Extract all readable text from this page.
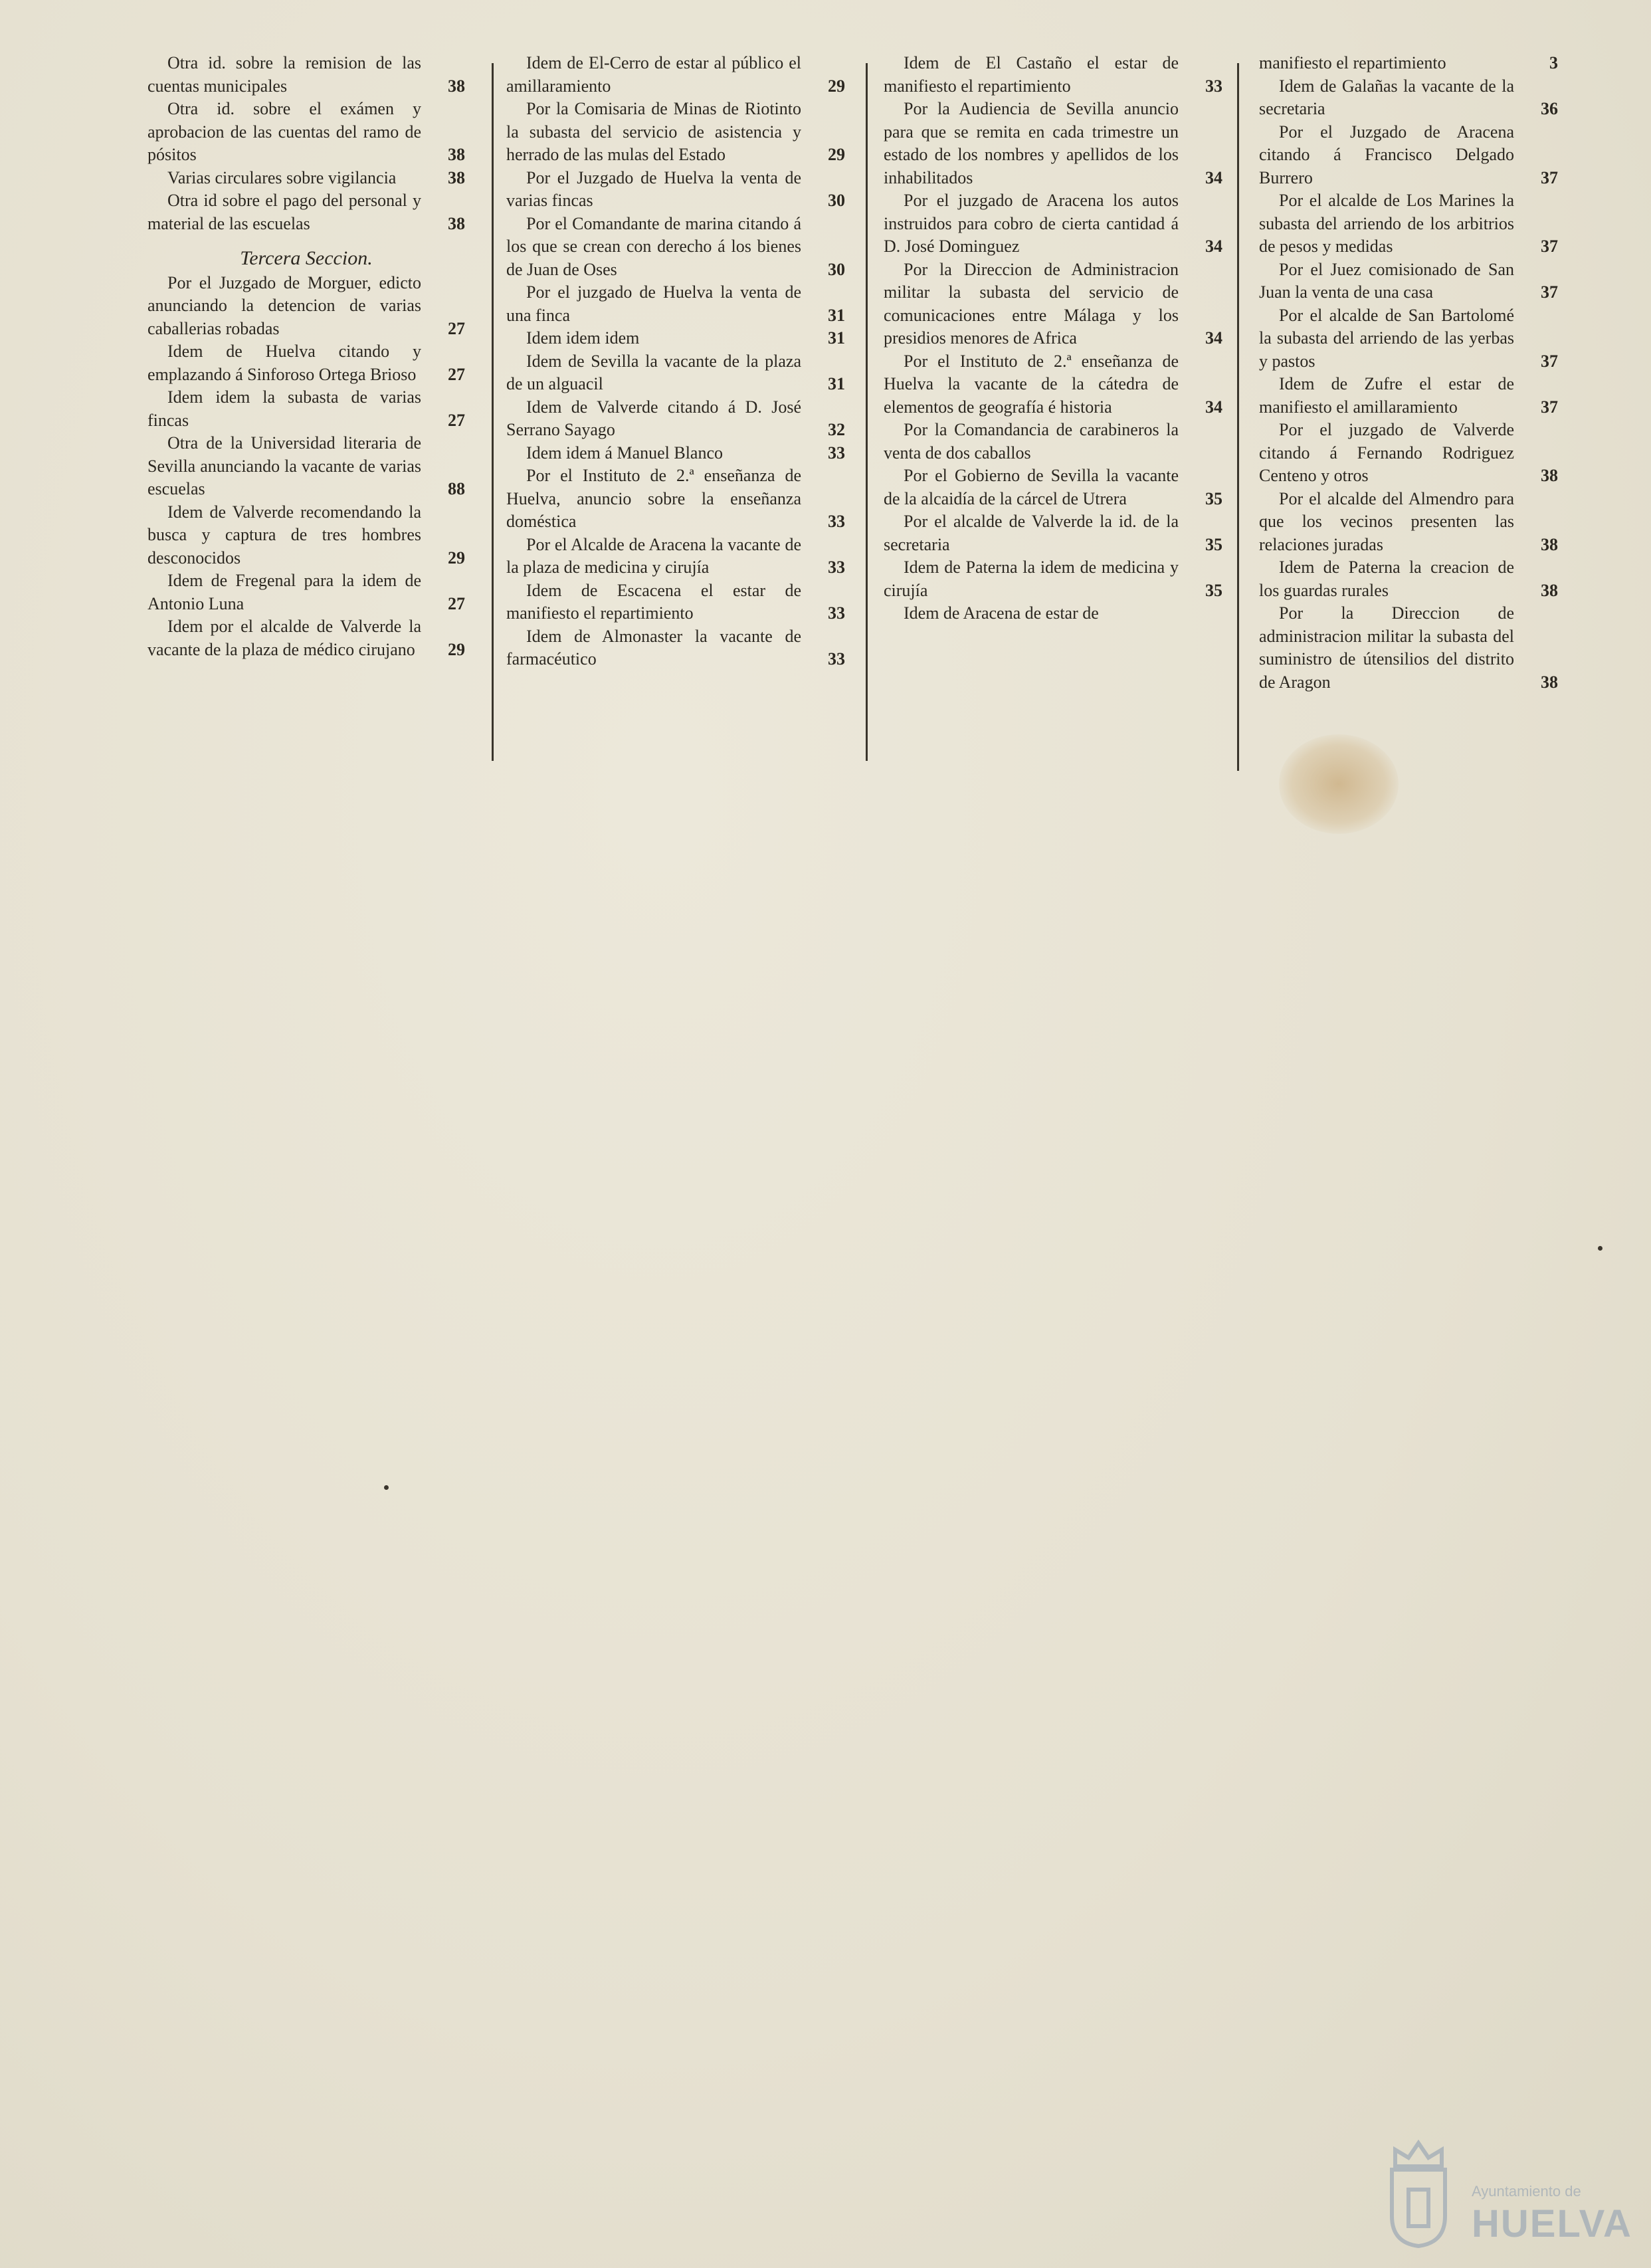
Otra id. sobre la remision de las cuentas municipales	38
Otra id. sobre el exámen y aprobacion de las cuentas del ramo de pósitos	38
Varias circulares sobre vigilancia	38
Otra id sobre el pago del personal y material de las escuelas	38
Tercera Seccion.
Por el Juzgado de Morguer, edicto anunciando la detencion de varias caballerias robadas	27
Idem de Huelva citando y emplazando á Sinforoso Ortega Brioso	27
Idem idem la subasta de varias fincas	27
Otra de la Universidad literaria de Sevilla anunciando la vacante de varias escuelas	88
Idem de Valverde recomendando la busca y captura de tres hombres desconocidos	29
Idem de Fregenal para la idem de Antonio Luna	27
Idem por el alcalde de Valverde la vacante de la plaza de médico cirujano	29
Idem de El-Cerro de estar al público el amillaramiento	29
Por la Comisaria de Minas de Riotinto la subasta del servicio de asistencia y herrado de las mulas del Estado	29
Por el Juzgado de Huelva la venta de varias fincas	30
Por el Comandante de marina citando á los que se crean con derecho á los bienes de Juan de Oses	30
Por el juzgado de Huelva la venta de una finca	31
Idem idem idem	31
Idem de Sevilla la vacante de la plaza de un alguacil	31
Idem de Valverde citando á D. José Serrano Sayago	32
Idem idem á Manuel Blanco	33
Por el Instituto de 2.ª enseñanza de Huelva, anuncio sobre la enseñanza doméstica	33
Por el Alcalde de Aracena la vacante de la plaza de medicina y cirujía	33
Idem de Escacena el estar de manifiesto el repartimiento	33
Idem de Almonaster la vacante de farmacéutico	33
Idem de El Castaño el estar de manifiesto el repartimiento	33
Por la Audiencia de Sevilla anuncio para que se remita en cada trimestre un estado de los nombres y apellidos de los inhabilitados	34
Por el juzgado de Aracena los autos instruidos para cobro de cierta cantidad á D. José Dominguez	34
Por la Direccion de Administracion militar la subasta del servicio de comunicaciones entre Málaga y los presidios menores de Africa	34
Por el Instituto de 2.ª enseñanza de Huelva la vacante de la cátedra de elementos de geografía é historia	34
Por la Comandancia de carabineros la venta de dos caballos
Por el Gobierno de Sevilla la vacante de la alcaidía de la cárcel de Utrera	35
Por el alcalde de Valverde la id. de la secretaria	35
Idem de Paterna la idem de medicina y cirujía	35
Idem de Aracena de estar de
manifiesto el repartimiento	3
Idem de Galañas la vacante de la secretaria	36
Por el Juzgado de Aracena citando á Francisco Delgado Burrero	37
Por el alcalde de Los Marines la subasta del arriendo de los arbitrios de pesos y medidas	37
Por el Juez comisionado de San Juan la venta de una casa	37
Por el alcalde de San Bartolomé la subasta del arriendo de las yerbas y pastos	37
Idem de Zufre el estar de manifiesto el amillaramiento	37
Por el juzgado de Valverde citando á Fernando Rodriguez Centeno y otros	38
Por el alcalde del Almendro para que los vecinos presenten las relaciones juradas	38
Idem de Paterna la creacion de los guardas rurales	38
Por la Direccion de administracion militar la subasta del suministro de útensilios del distrito de Aragon	38
Ayuntamiento de
HUELVA
